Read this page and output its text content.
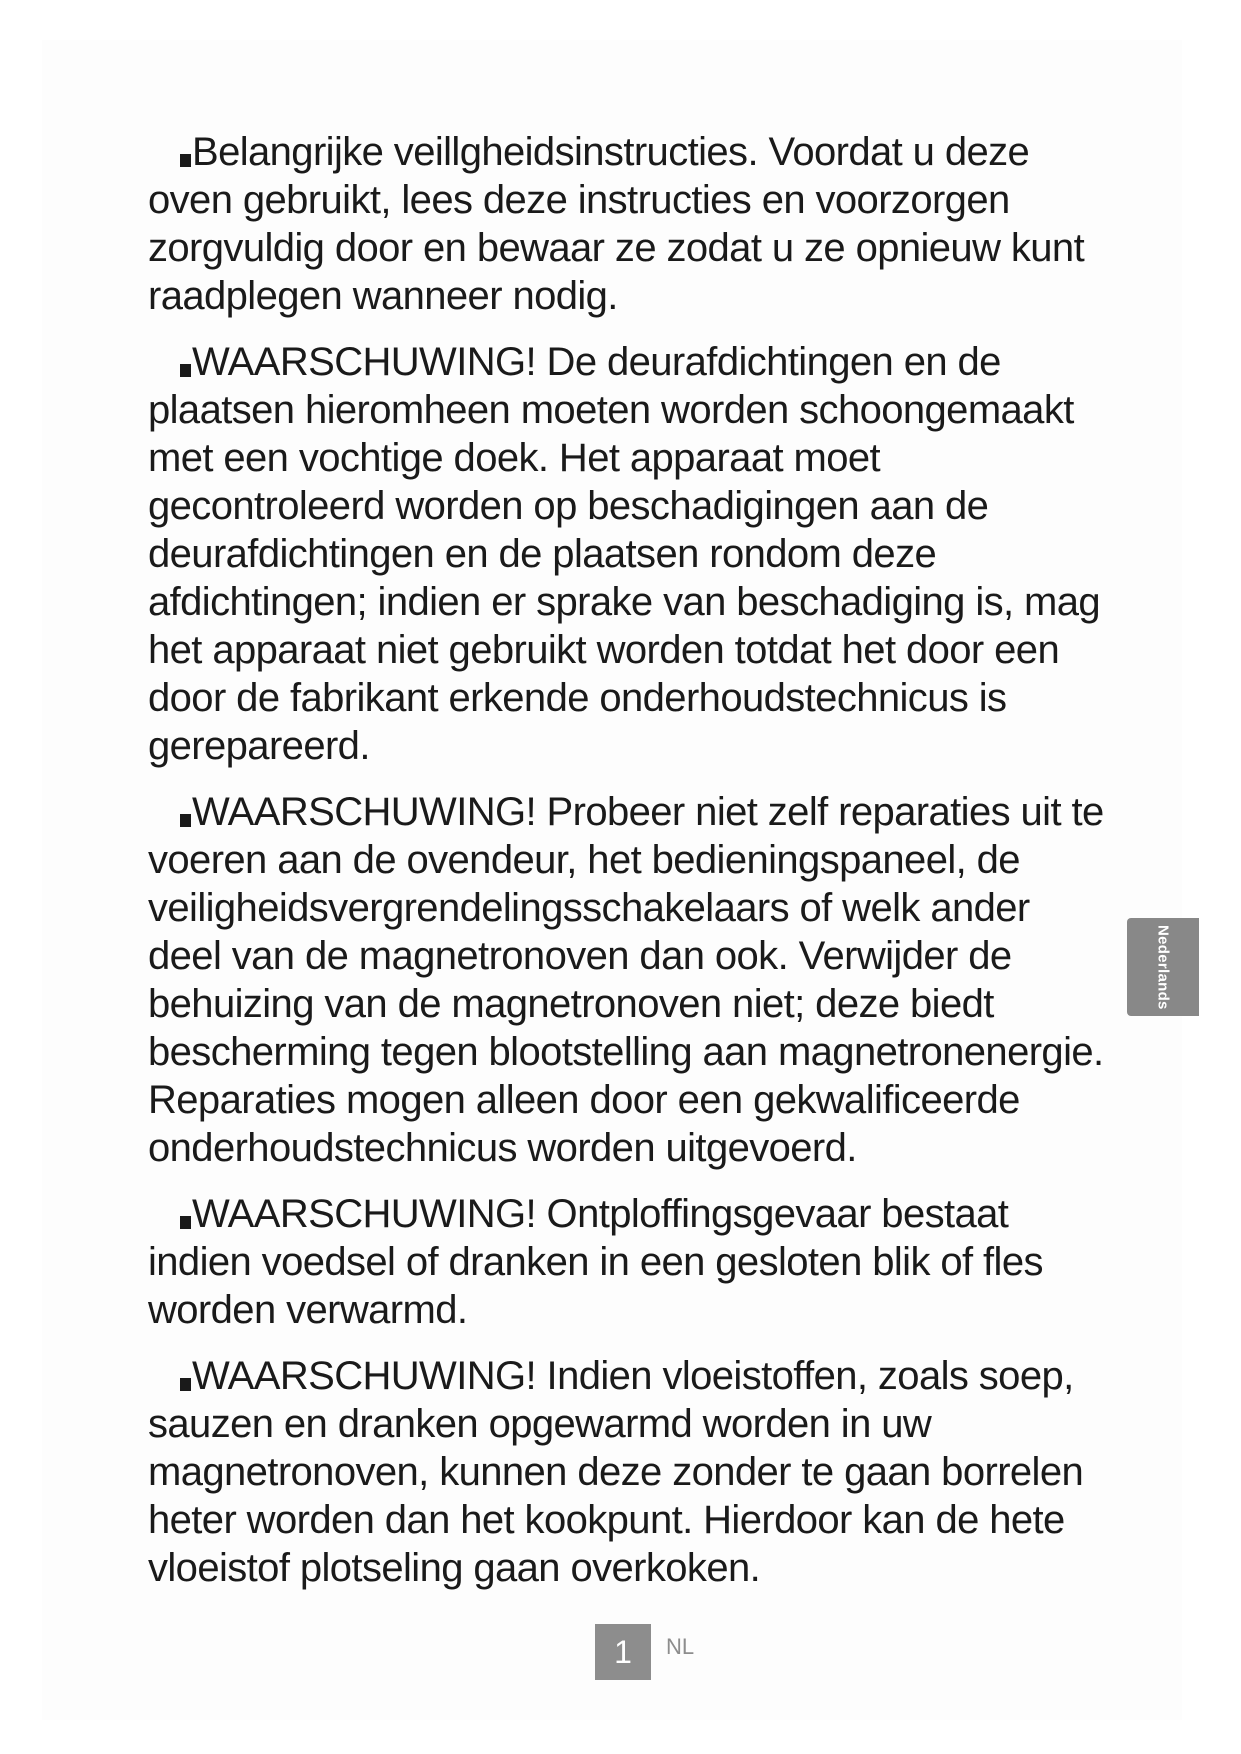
Belangrijke veillgheidsinstructies. Voordat u deze oven gebruikt, lees deze instructies en voorzorgen zorgvuldig door en bewaar ze zodat u ze opnieuw kunt raadplegen wanneer nodig.

WAARSCHUWING! De deurafdichtingen en de plaatsen hieromheen moeten worden schoongemaakt met een vochtige doek. Het apparaat moet gecontroleerd worden op beschadigingen aan de deurafdichtingen en de plaatsen rondom deze afdichtingen; indien er sprake van beschadiging is, mag het apparaat niet gebruikt worden totdat het door een door de fabrikant erkende onderhoudstechnicus is gerepareerd.

WAARSCHUWING! Probeer niet zelf reparaties uit te voeren aan de ovendeur, het bedieningspaneel, de veiligheidsvergrendelingsschakelaars of welk ander deel van de magnetronoven dan ook. Verwijder de behuizing van de magnetronoven niet; deze biedt bescherming tegen blootstelling aan magnetronenergie. Reparaties mogen alleen door een gekwalificeerde onderhoudstechnicus worden uitgevoerd.

WAARSCHUWING! Ontploffingsgevaar bestaat indien voedsel of dranken in een gesloten blik of fles worden verwarmd.

WAARSCHUWING! Indien vloeistoffen, zoals soep, sauzen en dranken opgewarmd worden in uw magnetronoven, kunnen deze zonder te gaan borrelen heter worden dan het kookpunt. Hierdoor kan de hete vloeistof plotseling gaan overkoken.

Nederlands
1	NL
